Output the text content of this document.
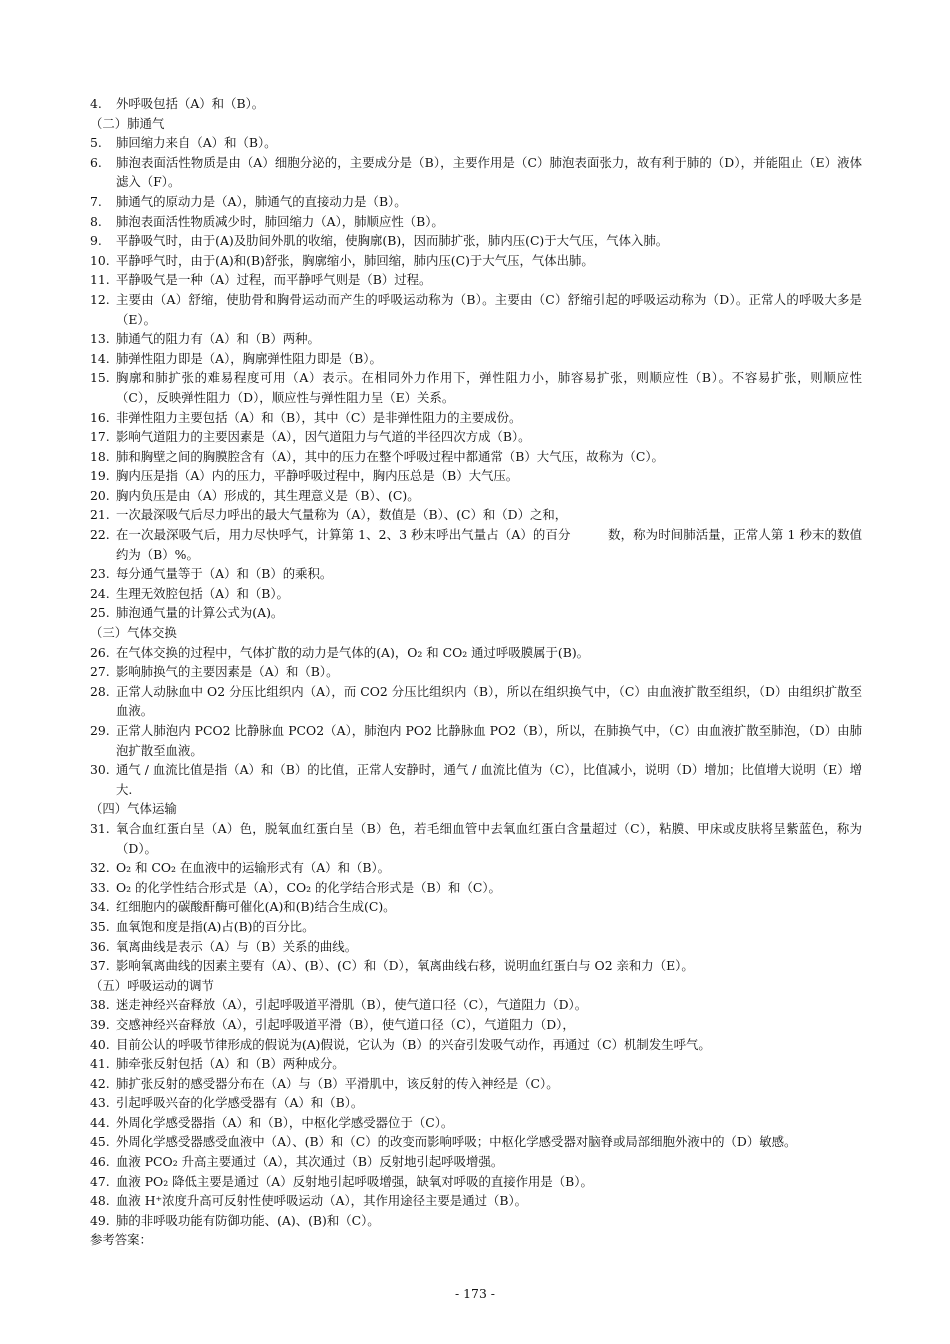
4. 外呼吸包括（A）和（B）。
（二）肺通气
5. 肺回缩力来自（A）和（B）。
6. 肺泡表面活性物质是由（A）细胞分泌的，主要成分是（B），主要作用是（C）肺泡表面张力，故有利于肺的（D），并能阻止（E）液体滤入（F）。
7. 肺通气的原动力是（A），肺通气的直接动力是（B）。
8. 肺泡表面活性物质减少时，肺回缩力（A），肺顺应性（B）。
9. 平静吸气时，由于(A)及肋间外肌的收缩，使胸廓(B)，因而肺扩张，肺内压(C)于大气压，气体入肺。
10. 平静呼气时，由于(A)和(B)舒张，胸廓缩小，肺回缩，肺内压(C)于大气压，气体出肺。
11. 平静吸气是一种（A）过程，而平静呼气则是（B）过程。
12. 主要由（A）舒缩，使肋骨和胸骨运动而产生的呼吸运动称为（B）。主要由（C）舒缩引起的呼吸运动称为（D）。正常人的呼吸大多是（E）。
13. 肺通气的阻力有（A）和（B）两种。
14. 肺弹性阻力即是（A），胸廓弹性阻力即是（B）。
15. 胸廓和肺扩张的难易程度可用（A）表示。在相同外力作用下，弹性阻力小，肺容易扩张，则顺应性（B）。不容易扩张，则顺应性（C），反映弹性阻力（D），顺应性与弹性阻力呈（E）关系。
16. 非弹性阻力主要包括（A）和（B），其中（C）是非弹性阻力的主要成份。
17. 影响气道阻力的主要因素是（A），因气道阻力与气道的半径四次方成（B）。
18. 肺和胸壁之间的胸膜腔含有（A），其中的压力在整个呼吸过程中都通常（B）大气压，故称为（C）。
19. 胸内压是指（A）内的压力，平静呼吸过程中，胸内压总是（B）大气压。
20. 胸内负压是由（A）形成的，其生理意义是（B）、(C)。
21. 一次最深吸气后尽力呼出的最大气量称为（A），数值是（B）、(C）和（D）之和，
22. 在一次最深吸气后，用力尽快呼气，计算第 1、2、3 秒末呼出气量占（A）的百分　　　数，称为时间肺活量，正常人第 1 秒末的数值约为（B）%。
23. 每分通气量等于（A）和（B）的乘积。
24. 生理无效腔包括（A）和（B）。
25. 肺泡通气量的计算公式为(A)。
（三）气体交换
26. 在气体交换的过程中，气体扩散的动力是气体的(A)，O₂ 和 CO₂ 通过呼吸膜属于(B)。
27. 影响肺换气的主要因素是（A）和（B）。
28. 正常人动脉血中 O2 分压比组织内（A），而 CO2 分压比组织内（B），所以在组织换气中，（C）由血液扩散至组织，（D）由组织扩散至血液。
29. 正常人肺泡内 PCO2 比静脉血 PCO2（A），肺泡内 PO2 比静脉血 PO2（B），所以，在肺换气中，（C）由血液扩散至肺泡，（D）由肺泡扩散至血液。
30. 通气 / 血流比值是指（A）和（B）的比值，正常人安静时，通气 / 血流比值为（C），比值减小，说明（D）增加；比值增大说明（E）增大.
（四）气体运输
31. 氧合血红蛋白呈（A）色，脱氧血红蛋白呈（B）色，若毛细血管中去氧血红蛋白含量超过（C），粘膜、甲床或皮肤将呈紫蓝色，称为（D）。
32. O₂ 和 CO₂ 在血液中的运输形式有（A）和（B）。
33. O₂ 的化学性结合形式是（A），CO₂ 的化学结合形式是（B）和（C）。
34. 红细胞内的碳酸酐酶可催化(A)和(B)结合生成(C)。
35. 血氧饱和度是指(A)占(B)的百分比。
36. 氧离曲线是表示（A）与（B）关系的曲线。
37. 影响氧离曲线的因素主要有（A）、(B）、(C）和（D），氧离曲线右移，说明血红蛋白与 O2 亲和力（E）。
（五）呼吸运动的调节
38. 迷走神经兴奋释放（A），引起呼吸道平滑肌（B），使气道口径（C），气道阻力（D）。
39. 交感神经兴奋释放（A），引起呼吸道平滑（B），使气道口径（C），气道阻力（D），
40. 目前公认的呼吸节律形成的假说为(A)假说，它认为（B）的兴奋引发吸气动作，再通过（C）机制发生呼气。
41. 肺牵张反射包括（A）和（B）两种成分。
42. 肺扩张反射的感受器分布在（A）与（B）平滑肌中，该反射的传入神经是（C）。
43. 引起呼吸兴奋的化学感受器有（A）和（B）。
44. 外周化学感受器指（A）和（B），中枢化学感受器位于（C）。
45. 外周化学感受器感受血液中（A）、(B）和（C）的改变而影响呼吸；中枢化学感受器对脑脊或局部细胞外液中的（D）敏感。
46. 血液 PCO₂ 升高主要通过（A），其次通过（B）反射地引起呼吸增强。
47. 血液 PO₂ 降低主要是通过（A）反射地引起呼吸增强，缺氧对呼吸的直接作用是（B）。
48. 血液 H⁺浓度升高可反射性使呼吸运动（A），其作用途径主要是通过（B）。
49. 肺的非呼吸功能有防御功能、(A)、(B)和（C）。
参考答案：
- 173 -
